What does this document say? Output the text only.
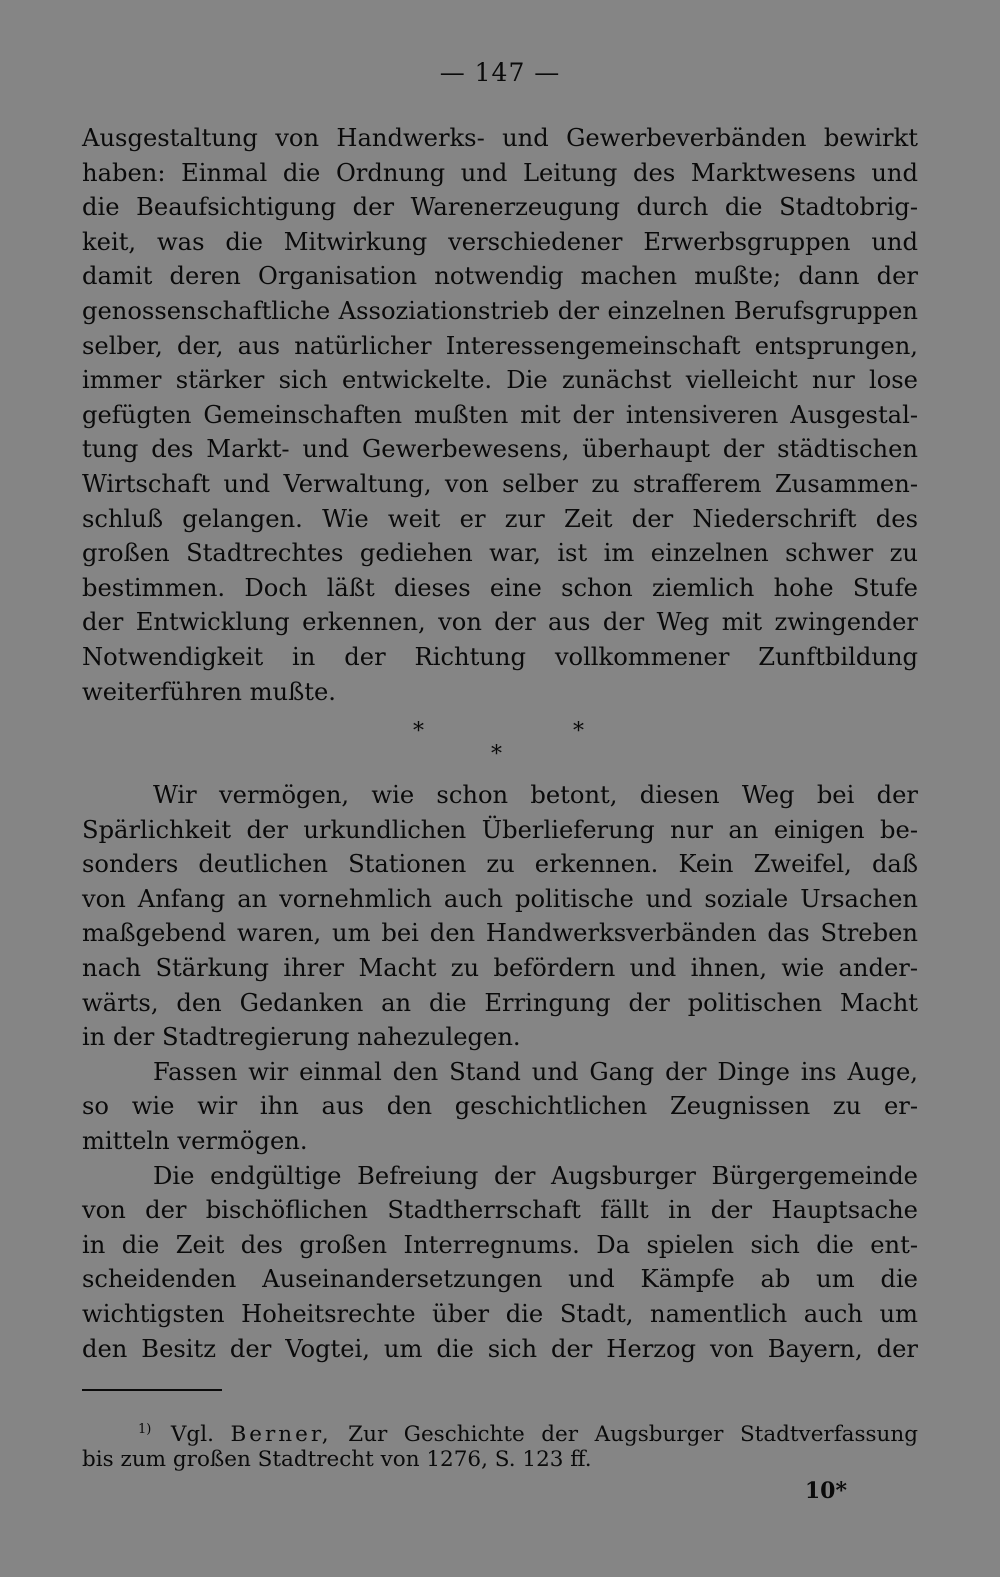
— 147 —
Ausgestaltung von Handwerks- und Gewerbeverbänden bewirkt
haben: Einmal die Ordnung und Leitung des Marktwesens und
die Beaufsichtigung der Warenerzeugung durch die Stadtobrig-
keit, was die Mitwirkung verschiedener Erwerbsgruppen und
damit deren Organisation notwendig machen mußte; dann der
genossenschaftliche Assoziationstrieb der einzelnen Berufsgruppen
selber, der, aus natürlicher Interessengemeinschaft entsprungen,
immer stärker sich entwickelte. Die zunächst vielleicht nur lose
gefügten Gemeinschaften mußten mit der intensiveren Ausgestal-
tung des Markt- und Gewerbewesens, überhaupt der städtischen
Wirtschaft und Verwaltung, von selber zu strafferem Zusammen-
schluß gelangen. Wie weit er zur Zeit der Niederschrift des
großen Stadtrechtes gediehen war, ist im einzelnen schwer zu
bestimmen. Doch läßt dieses eine schon ziemlich hohe Stufe
der Entwicklung erkennen, von der aus der Weg mit zwingender
Notwendigkeit in der Richtung vollkommener Zunftbildung
weiterführen mußte.
*
*
*
Wir vermögen, wie schon betont, diesen Weg bei der
Spärlichkeit der urkundlichen Überlieferung nur an einigen be-
sonders deutlichen Stationen zu erkennen. Kein Zweifel, daß
von Anfang an vornehmlich auch politische und soziale Ursachen
maßgebend waren, um bei den Handwerksverbänden das Streben
nach Stärkung ihrer Macht zu befördern und ihnen, wie ander-
wärts, den Gedanken an die Erringung der politischen Macht
in der Stadtregierung nahezulegen.
Fassen wir einmal den Stand und Gang der Dinge ins Auge,
so wie wir ihn aus den geschichtlichen Zeugnissen zu er-
mitteln vermögen.
Die endgültige Befreiung der Augsburger Bürgergemeinde
von der bischöflichen Stadtherrschaft fällt in der Hauptsache
in die Zeit des großen Interregnums. Da spielen sich die ent-
scheidenden Auseinandersetzungen und Kämpfe ab um die
wichtigsten Hoheitsrechte über die Stadt, namentlich auch um
den Besitz der Vogtei, um die sich der Herzog von Bayern, der
$^{1)}$ Vgl. Berner, Zur Geschichte der Augsburger Stadtverfassung
bis zum großen Stadtrecht von 1276, S. 123 ff.
10*
